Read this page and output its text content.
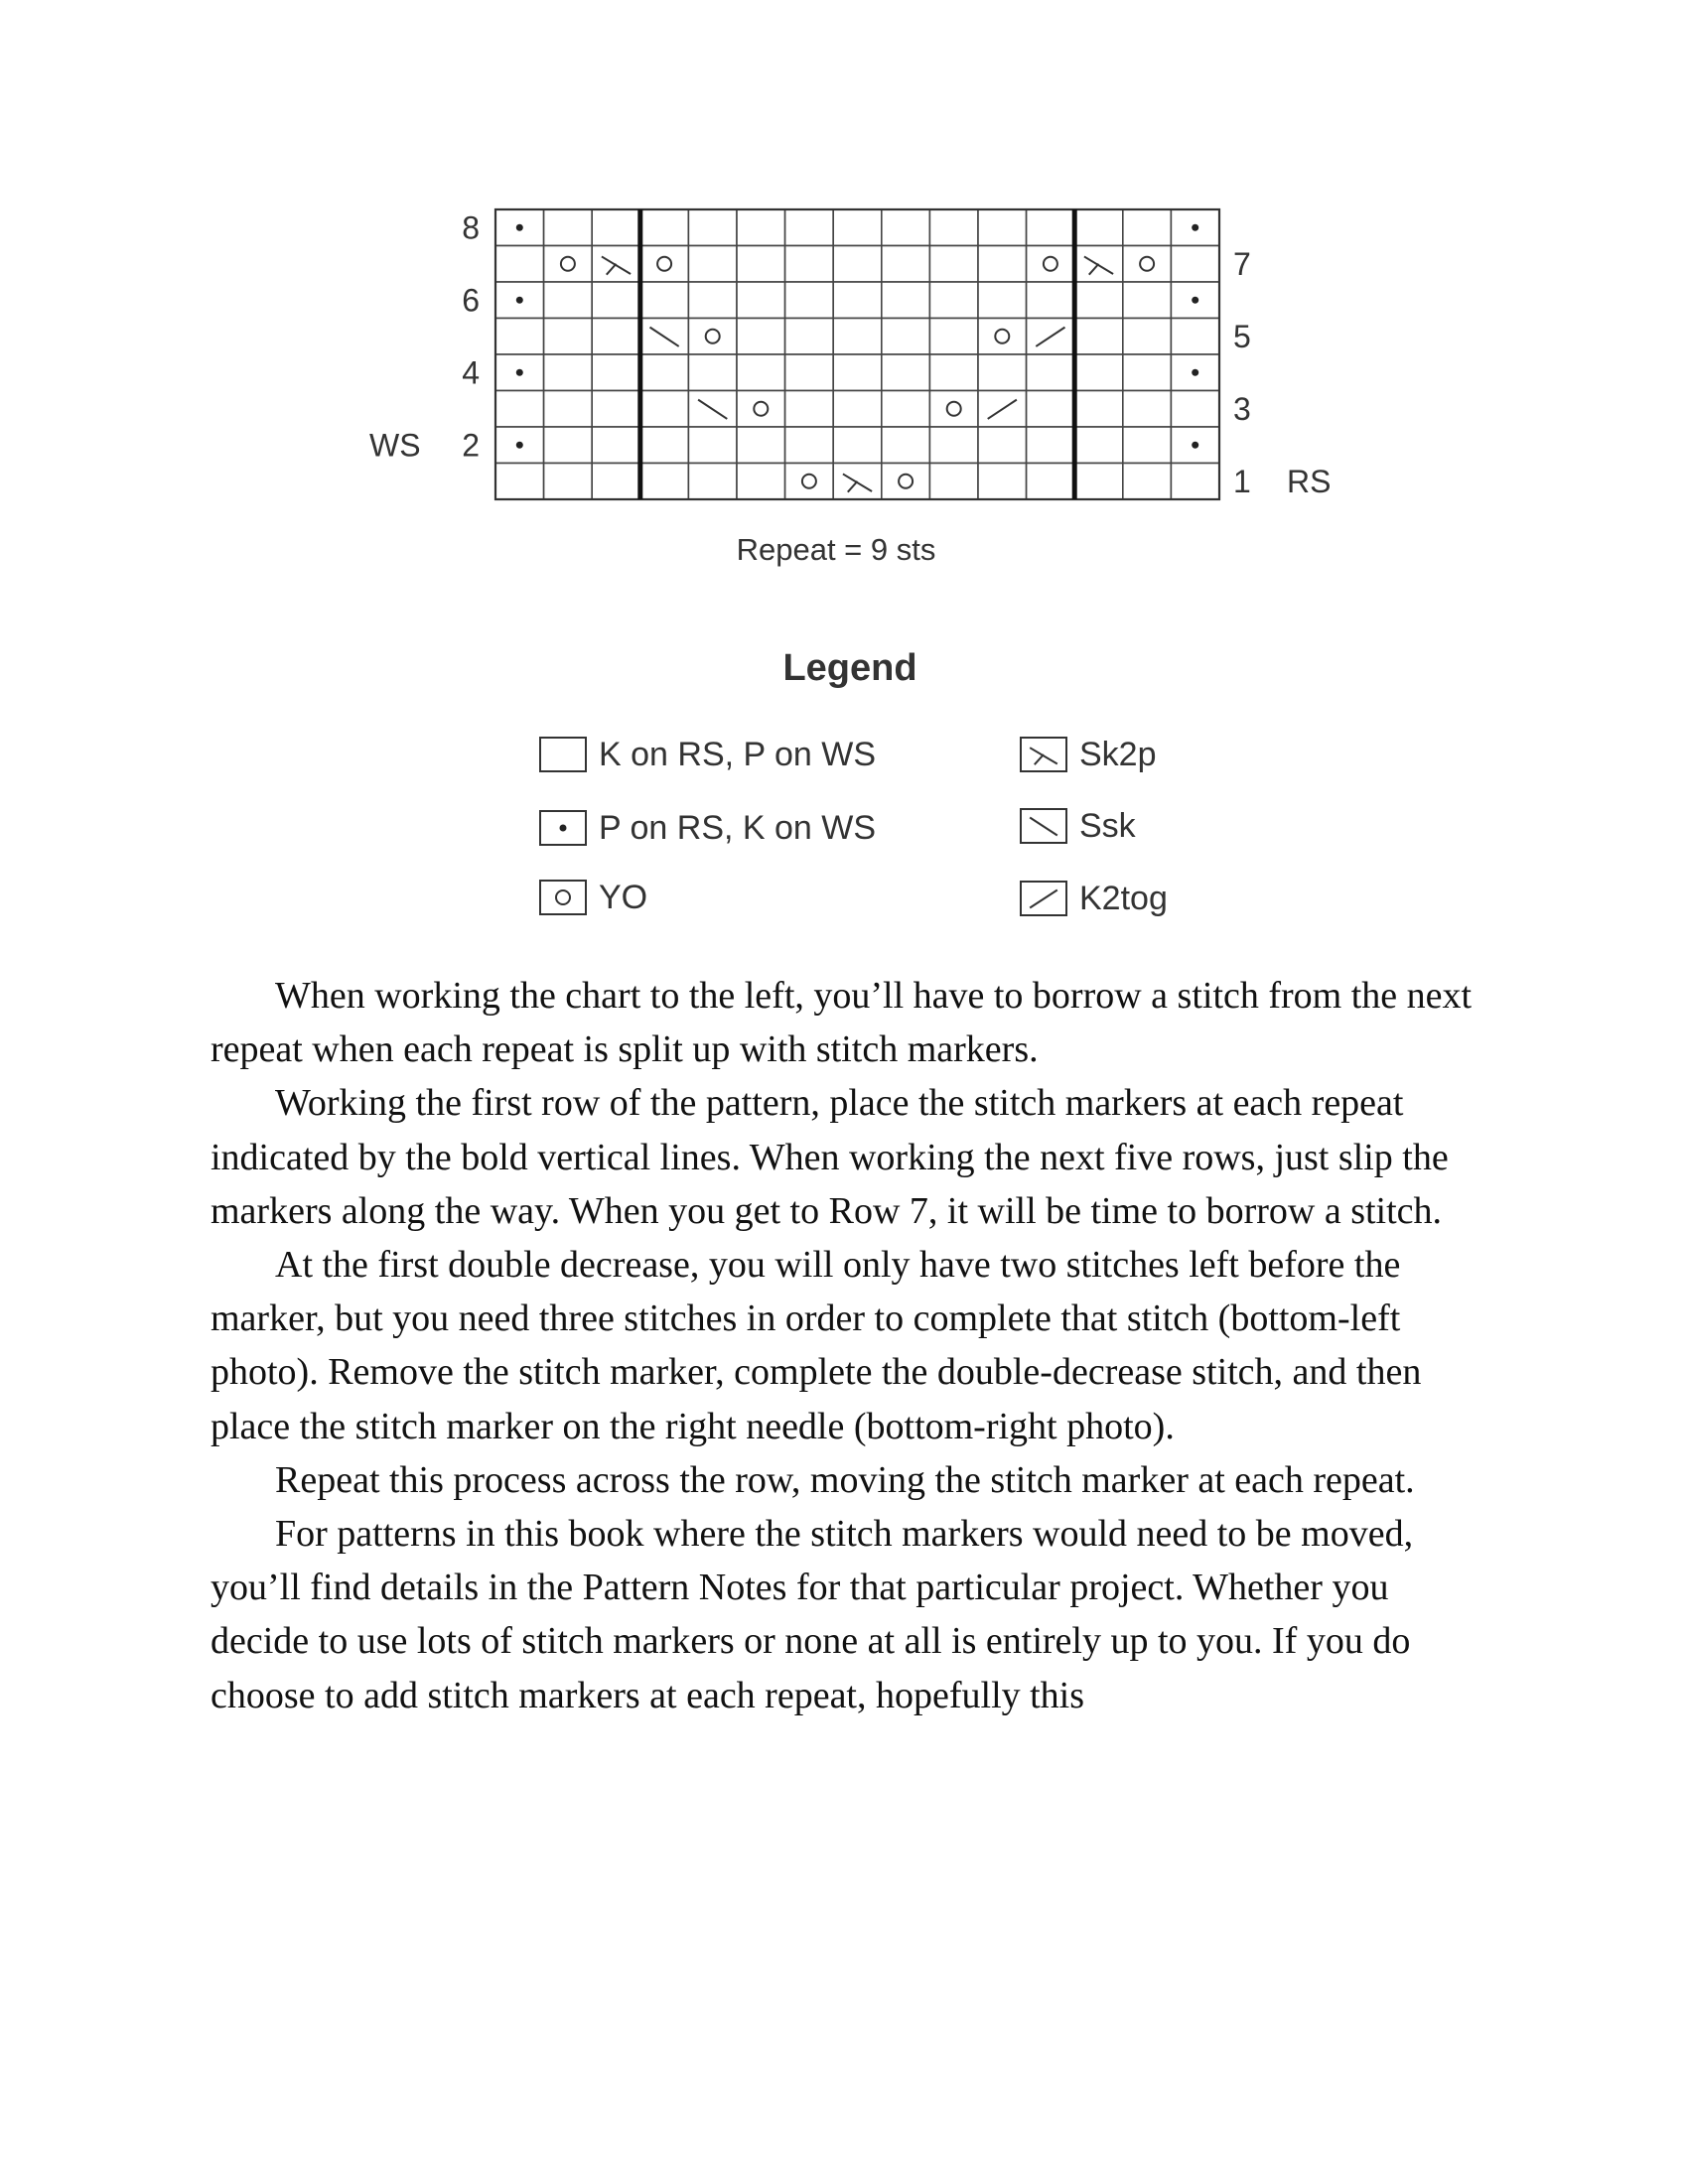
8
6
4
2
7
5
3
1
WS
RS
Repeat = 9 sts
Legend
K on RS, P on WS
P on RS, K on WS
YO
Sk2p
Ssk
K2tog

When working the chart to the left, you’ll have to borrow a stitch from the next repeat when each repeat is split up with stitch markers.

Working the first row of the pattern, place the stitch markers at each repeat indicated by the bold vertical lines. When working the next five rows, just slip the markers along the way. When you get to Row 7, it will be time to borrow a stitch.

At the first double decrease, you will only have two stitches left before the marker, but you need three stitches in order to complete that stitch (bottom-left photo). Remove the stitch marker, complete the double-decrease stitch, and then place the stitch marker on the right needle (bottom-right photo).

Repeat this process across the row, moving the stitch marker at each repeat.

For patterns in this book where the stitch markers would need to be moved, you’ll find details in the Pattern Notes for that particular project. Whether you decide to use lots of stitch markers or none at all is entirely up to you. If you do choose to add stitch markers at each repeat, hopefully this
